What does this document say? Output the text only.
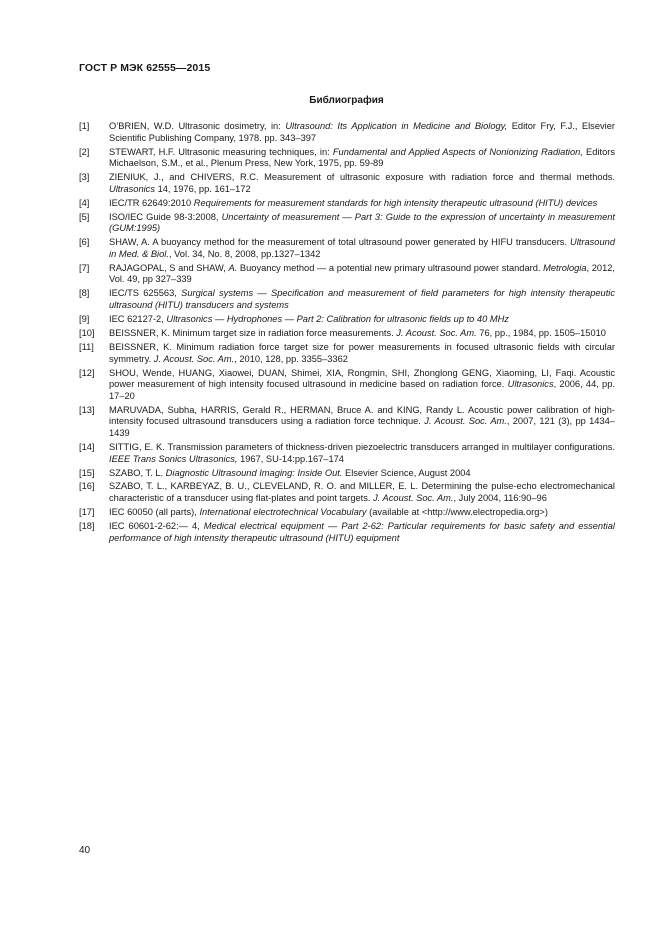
ГОСТ Р МЭК 62555—2015
Библиография
[1]	O’BRIEN, W.D. Ultrasonic dosimetry, in: Ultrasound: Its Application in Medicine and Biology, Editor Fry, F.J., Elsevier Scientific Publishing Company, 1978. pp. 343–397
[2]	STEWART, H.F. Ultrasonic measuring techniques, in: Fundamental and Applied Aspects of Nonionizing Radiation, Editors Michaelson, S.M., et al., Plenum Press, New York, 1975, pp. 59-89
[3]	ZIENIUK, J., and CHIVERS, R.C. Measurement of ultrasonic exposure with radiation force and thermal methods. Ultrasonics 14, 1976, pp. 161–172
[4]	IEC/TR 62649:2010 Requirements for measurement standards for high intensity therapeutic ultrasound (HITU) devices
[5]	ISO/IEC Guide 98-3:2008, Uncertainty of measurement — Part 3: Guide to the expression of uncertainty in measurement (GUM:1995)
[6]	SHAW, A. A buoyancy method for the measurement of total ultrasound power generated by HIFU transducers. Ultrasound in Med. & Biol., Vol. 34, No. 8, 2008, pp.1327–1342
[7]	RAJAGOPAL, S and SHAW, A. Buoyancy method — a potential new primary ultrasound power standard. Metrologia, 2012, Vol. 49, pp 327–339
[8]	IEC/TS 625563, Surgical systems — Specification and measurement of field parameters for high intensity therapeutic ultrasound (HITU) transducers and systems
[9]	IEC 62127-2, Ultrasonics — Hydrophones — Part 2: Calibration for ultrasonic fields up to 40 MHz
[10]	BEISSNER, K. Minimum target size in radiation force measurements. J. Acoust. Soc. Am. 76, pp., 1984, pp. 1505–15010
[11]	BEISSNER, K. Minimum radiation force target size for power measurements in focused ultrasonic fields with circular symmetry. J. Acoust. Soc. Am., 2010, 128, pp. 3355–3362
[12]	SHOU, Wende, HUANG, Xiaowei, DUAN, Shimei, XIA, Rongmin, SHI, Zhonglong GENG, Xiaoming, LI, Faqi. Acoustic power measurement of high intensity focused ultrasound in medicine based on radiation force. Ultrasonics, 2006, 44, pp. 17–20
[13]	MARUVADA, Subha, HARRIS, Gerald R., HERMAN, Bruce A. and KING, Randy L. Acoustic power calibration of high-intensity focused ultrasound transducers using a radiation force technique. J. Acoust. Soc. Am., 2007, 121 (3), pp 1434–1439
[14]	SITTIG, E. K. Transmission parameters of thickness-driven piezoelectric transducers arranged in multilayer configurations. IEEE Trans Sonics Ultrasonics, 1967, SU-14:pp.167–174
[15]	SZABO, T. L. Diagnostic Ultrasound Imaging: Inside Out. Elsevier Science, August 2004
[16]	SZABO, T. L., KARBEYAZ, B. U., CLEVELAND, R. O. and MILLER, E. L. Determining the pulse-echo electromechanical characteristic of a transducer using flat-plates and point targets. J. Acoust. Soc. Am., July 2004, 116:90–96
[17]	IEC 60050 (all parts), International electrotechnical Vocabulary (available at <http://www.electropedia.org>)
[18]	IEC 60601-2-62:— 4, Medical electrical equipment — Part 2-62: Particular requirements for basic safety and essential performance of high intensity therapeutic ultrasound (HITU) equipment
40
